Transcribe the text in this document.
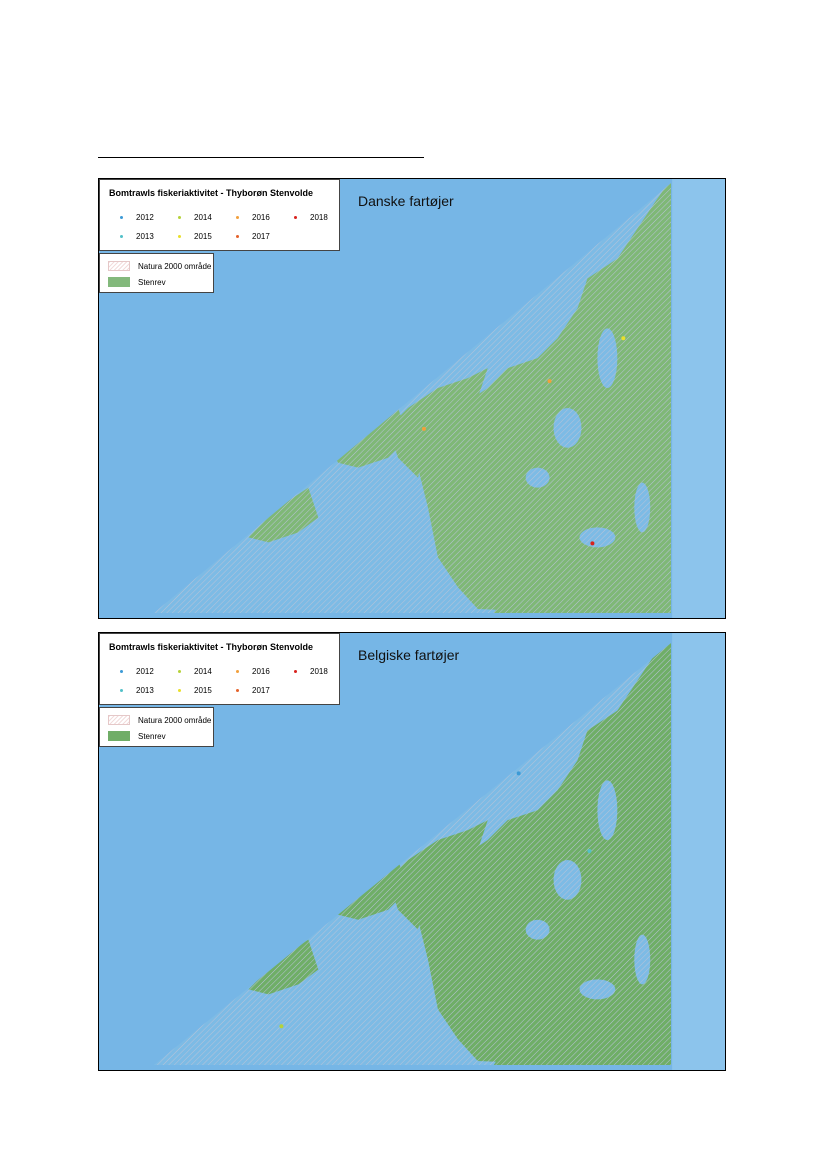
Danske fartøjer
Bomtrawls fiskeriaktivitet - Thyborøn Stenvolde
2012	2014	2016	2018
2013	2015	2017
Natura 2000 område
Stenrev
Belgiske fartøjer
Bomtrawls fiskeriaktivitet - Thyborøn Stenvolde
2012	2014	2016	2018
2013	2015	2017
Natura 2000 område
Stenrev
